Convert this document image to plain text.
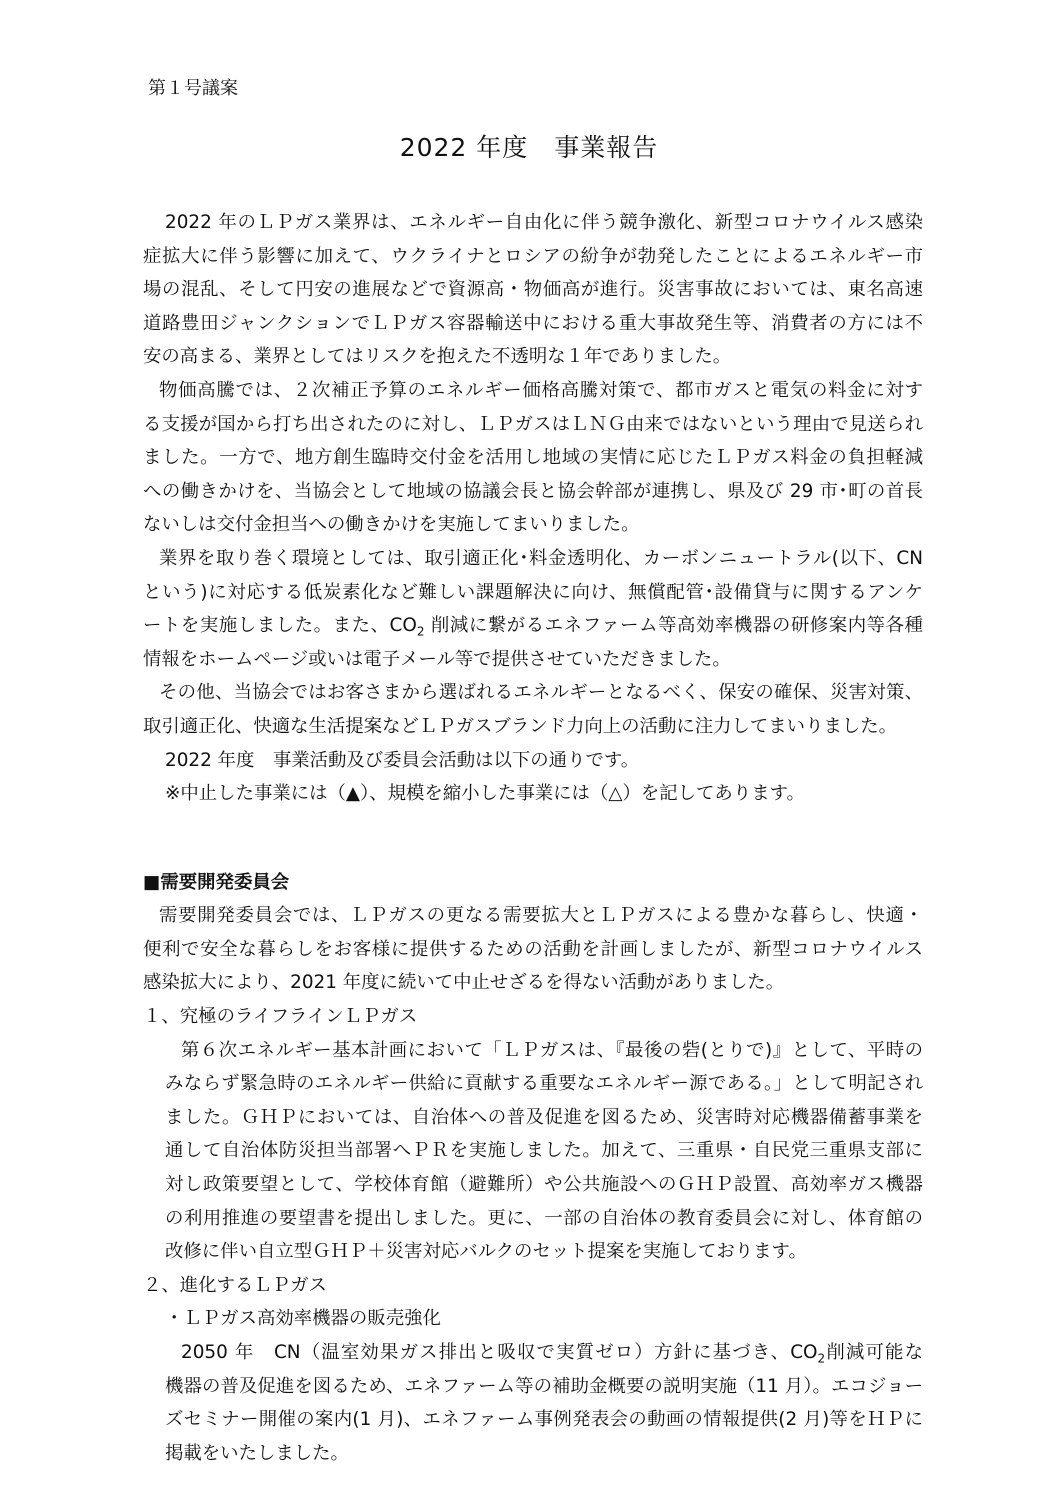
第１号議案
2022 年度　事業報告
2022 年のＬＰガス業界は、エネルギー自由化に伴う競争激化、新型コロナウイルス感染
症拡大に伴う影響に加えて、ウクライナとロシアの紛争が勃発したことによるエネルギー市
場の混乱、そして円安の進展などで資源高・物価高が進行。災害事故においては、東名高速
道路豊田ジャンクションでＬＰガス容器輸送中における重大事故発生等、消費者の方には不
安の高まる、業界としてはリスクを抱えた不透明な１年でありました。
物価高騰では、２次補正予算のエネルギー価格高騰対策で、都市ガスと電気の料金に対す
る支援が国から打ち出されたのに対し、ＬＰガスはＬＮＧ由来ではないという理由で見送られ
ました。一方で、地方創生臨時交付金を活用し地域の実情に応じたＬＰガス料金の負担軽減
への働きかけを、当協会として地域の協議会長と協会幹部が連携し、県及び 29 市･町の首長
ないしは交付金担当への働きかけを実施してまいりました。
業界を取り巻く環境としては、取引適正化･料金透明化、カーボンニュートラル(以下、CN
という)に対応する低炭素化など難しい課題解決に向け、無償配管･設備貸与に関するアンケ
ートを実施しました。また、$CO_2$ 削減に繋がるエネファーム等高効率機器の研修案内等各種
情報をホームページ或いは電子メール等で提供させていただきました。
その他、当協会ではお客さまから選ばれるエネルギーとなるべく、保安の確保、災害対策、
取引適正化、快適な生活提案などＬＰガスブランド力向上の活動に注力してまいりました。
2022 年度　事業活動及び委員会活動は以下の通りです。
※中止した事業には（▲）、規模を縮小した事業には（△）を記してあります。
■需要開発委員会
需要開発委員会では、ＬＰガスの更なる需要拡大とＬＰガスによる豊かな暮らし、快適・
便利で安全な暮らしをお客様に提供するための活動を計画しましたが、新型コロナウイルス
感染拡大により、2021 年度に続いて中止せざるを得ない活動がありました。
１、究極のライフラインＬＰガス
第６次エネルギー基本計画において「ＬＰガスは、『最後の砦(とりで)』として、平時の
みならず緊急時のエネルギー供給に貢献する重要なエネルギー源である。」として明記され
ました。ＧＨＰにおいては、自治体への普及促進を図るため、災害時対応機器備蓄事業を
通して自治体防災担当部署へＰＲを実施しました。加えて、三重県・自民党三重県支部に
対し政策要望として、学校体育館（避難所）や公共施設へのＧＨＰ設置、高効率ガス機器
の利用推進の要望書を提出しました。更に、一部の自治体の教育委員会に対し、体育館の
改修に伴い自立型ＧＨＰ＋災害対応バルクのセット提案を実施しております。
２、進化するＬＰガス
・ＬＰガス高効率機器の販売強化
2050 年　CN（温室効果ガス排出と吸収で実質ゼロ）方針に基づき、$CO_2$削減可能な
機器の普及促進を図るため、エネファーム等の補助金概要の説明実施（11 月）。エコジョー
ズセミナー開催の案内(1 月)、エネファーム事例発表会の動画の情報提供(2 月)等をＨＰに
掲載をいたしました。
